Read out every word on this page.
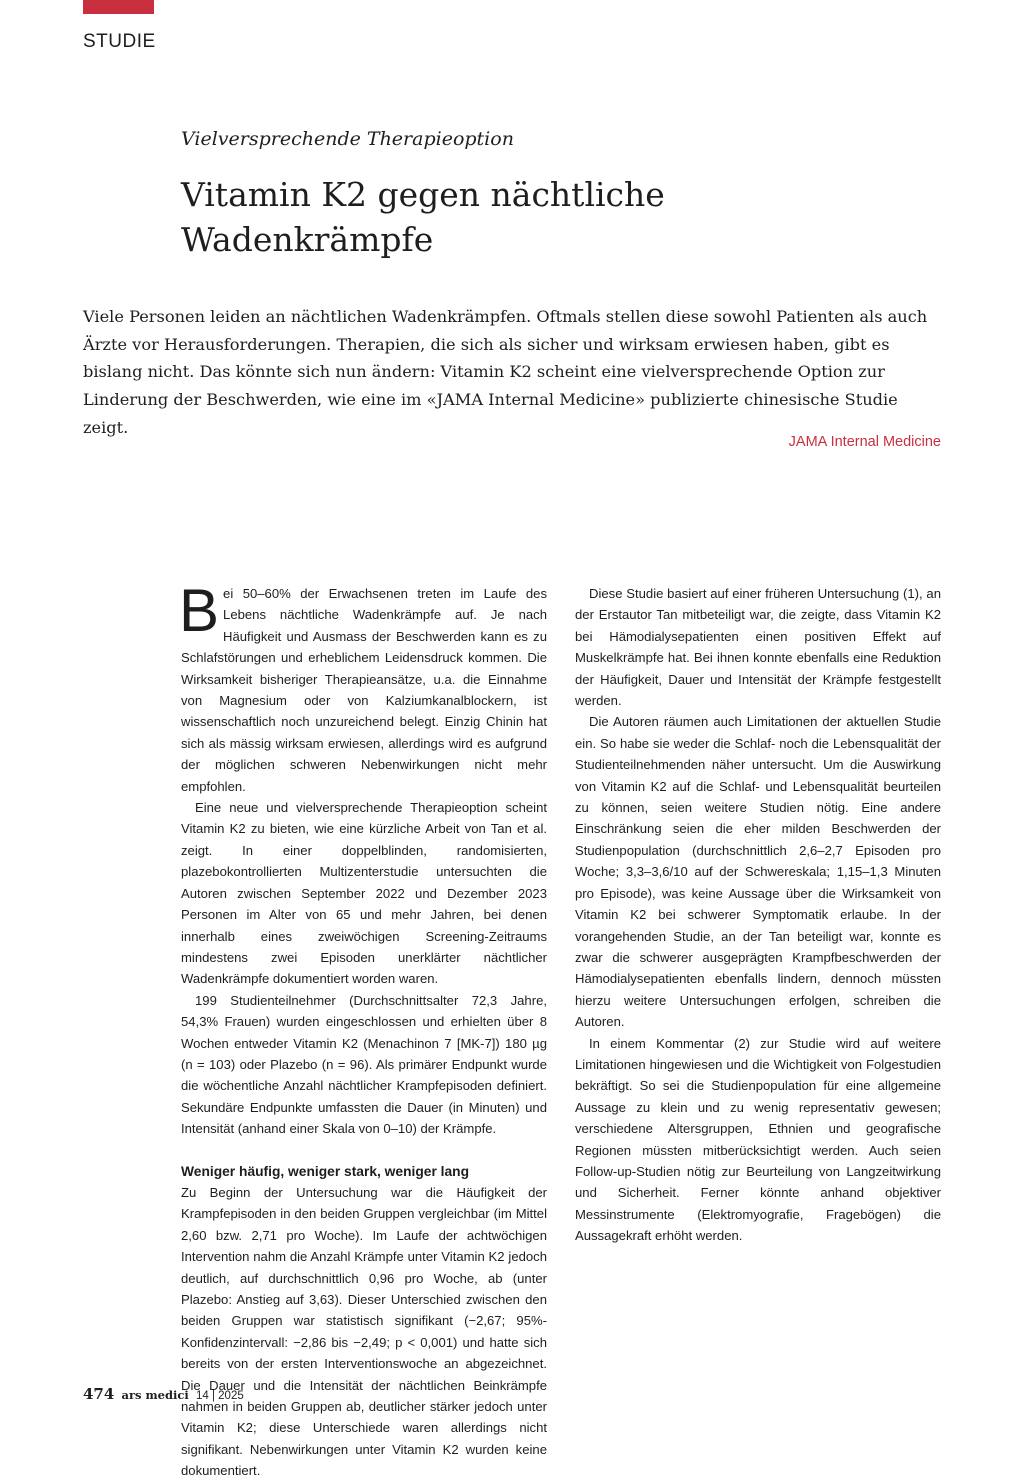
STUDIE
Vielversprechende Therapieoption
Vitamin K2 gegen nächtliche
Wadenkrämpfe

Viele Personen leiden an nächtlichen Wadenkrämpfen. Oftmals stellen diese sowohl Patienten als auch Ärzte vor Herausforderungen. Therapien, die sich als sicher und wirksam erwiesen haben, gibt es bislang nicht. Das könnte sich nun ändern: Vitamin K2 scheint eine vielversprechende Option zur Linderung der Beschwerden, wie eine im «JAMA Internal Medicine» publizierte chinesische Studie zeigt.

JAMA Internal Medicine

Bei 50–60% der Erwachsenen treten im Laufe des Lebens nächtliche Wadenkrämpfe auf. Je nach Häufigkeit und Ausmass der Beschwerden kann es zu Schlafstörungen und erheblichem Leidensdruck kommen. Die Wirksamkeit bisheriger Therapieansätze, u.a. die Einnahme von Magnesium oder von Kalziumkanalblockern, ist wissenschaftlich noch unzureichend belegt. Einzig Chinin hat sich als mässig wirksam erwiesen, allerdings wird es aufgrund der möglichen schweren Nebenwirkungen nicht mehr empfohlen.

Eine neue und vielversprechende Therapieoption scheint Vitamin K2 zu bieten, wie eine kürzliche Arbeit von Tan et al. zeigt. In einer doppelblinden, randomisierten, plazebokontrollierten Multizenterstudie untersuchten die Autoren zwischen September 2022 und Dezember 2023 Personen im Alter von 65 und mehr Jahren, bei denen innerhalb eines zweiwöchigen Screening-Zeitraums mindestens zwei Episoden unerklärter nächtlicher Wadenkrämpfe dokumentiert worden waren.

199 Studienteilnehmer (Durchschnittsalter 72,3 Jahre, 54,3% Frauen) wurden eingeschlossen und erhielten über 8 Wochen entweder Vitamin K2 (Menachinon 7 [MK-7]) 180 µg (n = 103) oder Plazebo (n = 96). Als primärer Endpunkt wurde die wöchentliche Anzahl nächtlicher Krampfepisoden definiert. Sekundäre Endpunkte umfassten die Dauer (in Minuten) und Intensität (anhand einer Skala von 0–10) der Krämpfe.

Weniger häufig, weniger stark, weniger lang

Zu Beginn der Untersuchung war die Häufigkeit der Krampfepisoden in den beiden Gruppen vergleichbar (im Mittel 2,60 bzw. 2,71 pro Woche). Im Laufe der achtwöchigen Intervention nahm die Anzahl Krämpfe unter Vitamin K2 jedoch deutlich, auf durchschnittlich 0,96 pro Woche, ab (unter Plazebo: Anstieg auf 3,63). Dieser Unterschied zwischen den beiden Gruppen war statistisch signifikant (−2,67; 95%-Konfidenzintervall: −2,86 bis −2,49; p < 0,001) und hatte sich bereits von der ersten Interventionswoche an abgezeichnet. Die Dauer und die Intensität der nächtlichen Beinkrämpfe nahmen in beiden Gruppen ab, deutlicher stärker jedoch unter Vitamin K2; diese Unterschiede waren allerdings nicht signifikant. Nebenwirkungen unter Vitamin K2 wurden keine dokumentiert.

Diese Studie basiert auf einer früheren Untersuchung (1), an der Erstautor Tan mitbeteiligt war, die zeigte, dass Vitamin K2 bei Hämodialysepatienten einen positiven Effekt auf Muskelkrämpfe hat. Bei ihnen konnte ebenfalls eine Reduktion der Häufigkeit, Dauer und Intensität der Krämpfe festgestellt werden.

Die Autoren räumen auch Limitationen der aktuellen Studie ein. So habe sie weder die Schlaf- noch die Lebensqualität der Studienteilnehmenden näher untersucht. Um die Auswirkung von Vitamin K2 auf die Schlaf- und Lebensqualität beurteilen zu können, seien weitere Studien nötig. Eine andere Einschränkung seien die eher milden Beschwerden der Studienpopulation (durchschnittlich 2,6–2,7 Episoden pro Woche; 3,3–3,6/10 auf der Schwereskala; 1,15–1,3 Minuten pro Episode), was keine Aussage über die Wirksamkeit von Vitamin K2 bei schwerer Symptomatik erlaube. In der vorangehenden Studie, an der Tan beteiligt war, konnte es zwar die schwerer ausgeprägten Krampfbeschwerden der Hämodialysepatienten ebenfalls lindern, dennoch müssten hierzu weitere Untersuchungen erfolgen, schreiben die Autoren.

In einem Kommentar (2) zur Studie wird auf weitere Limitationen hingewiesen und die Wichtigkeit von Folgestudien bekräftigt. So sei die Studienpopulation für eine allgemeine Aussage zu klein und zu wenig representativ gewesen; verschiedene Altersgruppen, Ethnien und geografische Regionen müssten mitberücksichtigt werden. Auch seien Follow-up-Studien nötig zur Beurteilung von Langzeitwirkung und Sicherheit. Ferner könnte anhand objektiver Messinstrumente (Elektromyografie, Fragebögen) die Aussagekraft erhöht werden.

474 ars medici 14 | 2025
